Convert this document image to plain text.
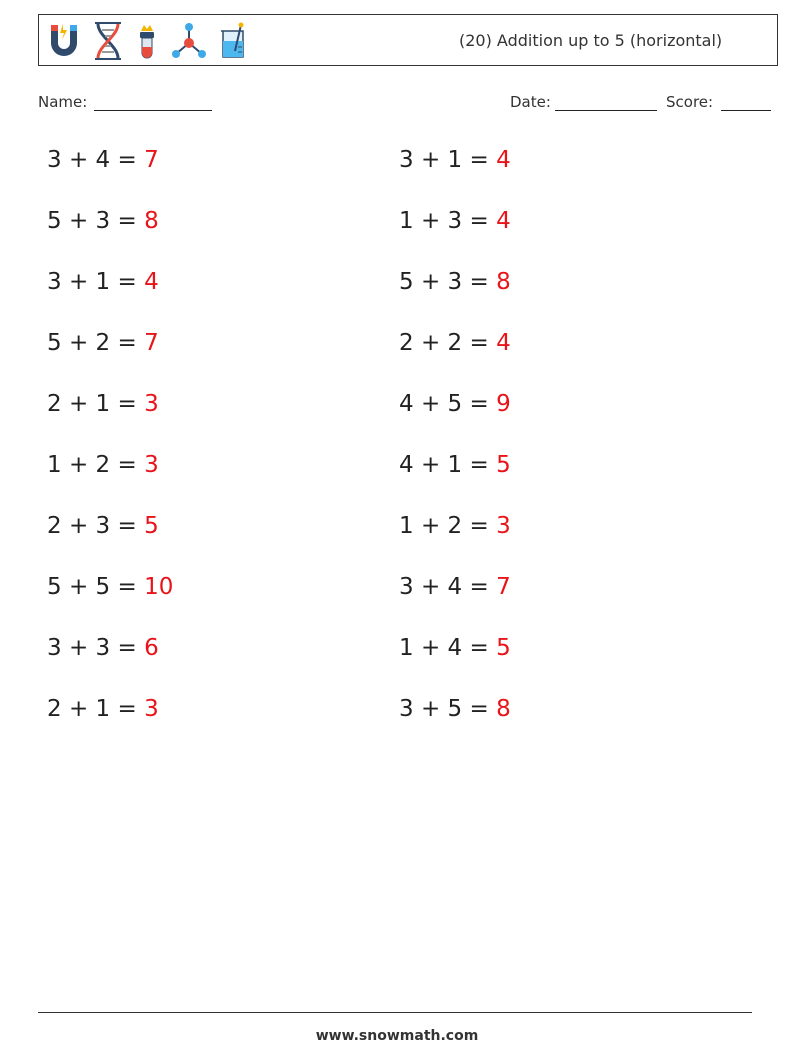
(20) Addition up to 5 (horizontal)
Name:	Date:	Score:
3 + 4 = 7
5 + 3 = 8
3 + 1 = 4
5 + 2 = 7
2 + 1 = 3
1 + 2 = 3
2 + 3 = 5
5 + 5 = 10
3 + 3 = 6
2 + 1 = 3
3 + 1 = 4
1 + 3 = 4
5 + 3 = 8
2 + 2 = 4
4 + 5 = 9
4 + 1 = 5
1 + 2 = 3
3 + 4 = 7
1 + 4 = 5
3 + 5 = 8
www.snowmath.com
